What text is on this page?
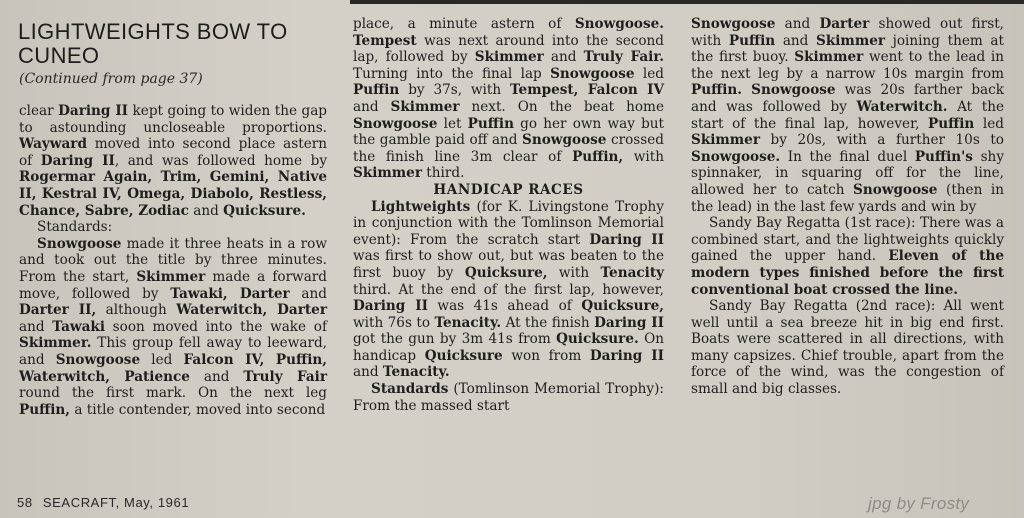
LIGHTWEIGHTS BOW TO CUNEO
(Continued from page 37)

clear Daring II kept going to widen the gap to astounding uncloseable proportions. Wayward moved into second place astern of Daring II, and was followed home by Rogermar Again, Trim, Gemini, Native II, Kestral IV, Omega, Diabolo, Restless, Chance, Sabre, Zodiac and Quicksure.

Standards:

Snowgoose made it three heats in a row and took out the title by three minutes. From the start, Skimmer made a forward move, followed by Tawaki, Darter and Darter II, although Waterwitch, Darter and Tawaki soon moved into the wake of Skimmer. This group fell away to leeward, and Snowgoose led Falcon IV, Puffin, Waterwitch, Patience and Truly Fair round the first mark. On the next leg Puffin, a title contender, moved into second

place, a minute astern of Snowgoose. Tempest was next around into the second lap, followed by Skimmer and Truly Fair. Turning into the final lap Snowgoose led Puffin by 37s, with Tempest, Falcon IV and Skimmer next. On the beat home Snowgoose let Puffin go her own way but the gamble paid off and Snowgoose crossed the finish line 3m clear of Puffin, with Skimmer third.

HANDICAP RACES

Lightweights (for K. Livingstone Trophy in conjunction with the Tomlinson Memorial event): From the scratch start Daring II was first to show out, but was beaten to the first buoy by Quicksure, with Tenacity third. At the end of the first lap, however, Daring II was 41s ahead of Quicksure, with 76s to Tenacity. At the finish Daring II got the gun by 3m 41s from Quicksure. On handicap Quicksure won from Daring II and Tenacity.

Standards (Tomlinson Memorial Trophy): From the massed start

Snowgoose and Darter showed out first, with Puffin and Skimmer joining them at the first buoy. Skimmer went to the lead in the next leg by a narrow 10s margin from Puffin. Snowgoose was 20s farther back and was followed by Waterwitch. At the start of the final lap, however, Puffin led Skimmer by 20s, with a further 10s to Snowgoose. In the final duel Puffin's shy spinnaker, in squaring off for the line, allowed her to catch Snowgoose (then in the lead) in the last few yards and win by

Sandy Bay Regatta (1st race): There was a combined start, and the lightweights quickly gained the upper hand. Eleven of the modern types finished before the first conventional boat crossed the line.

Sandy Bay Regatta (2nd race): All went well until a sea breeze hit in big end first. Boats were scattered in all directions, with many capsizes. Chief trouble, apart from the force of the wind, was the congestion of small and big classes.

58 SEACRAFT, May, 1961	jpg by Frosty
